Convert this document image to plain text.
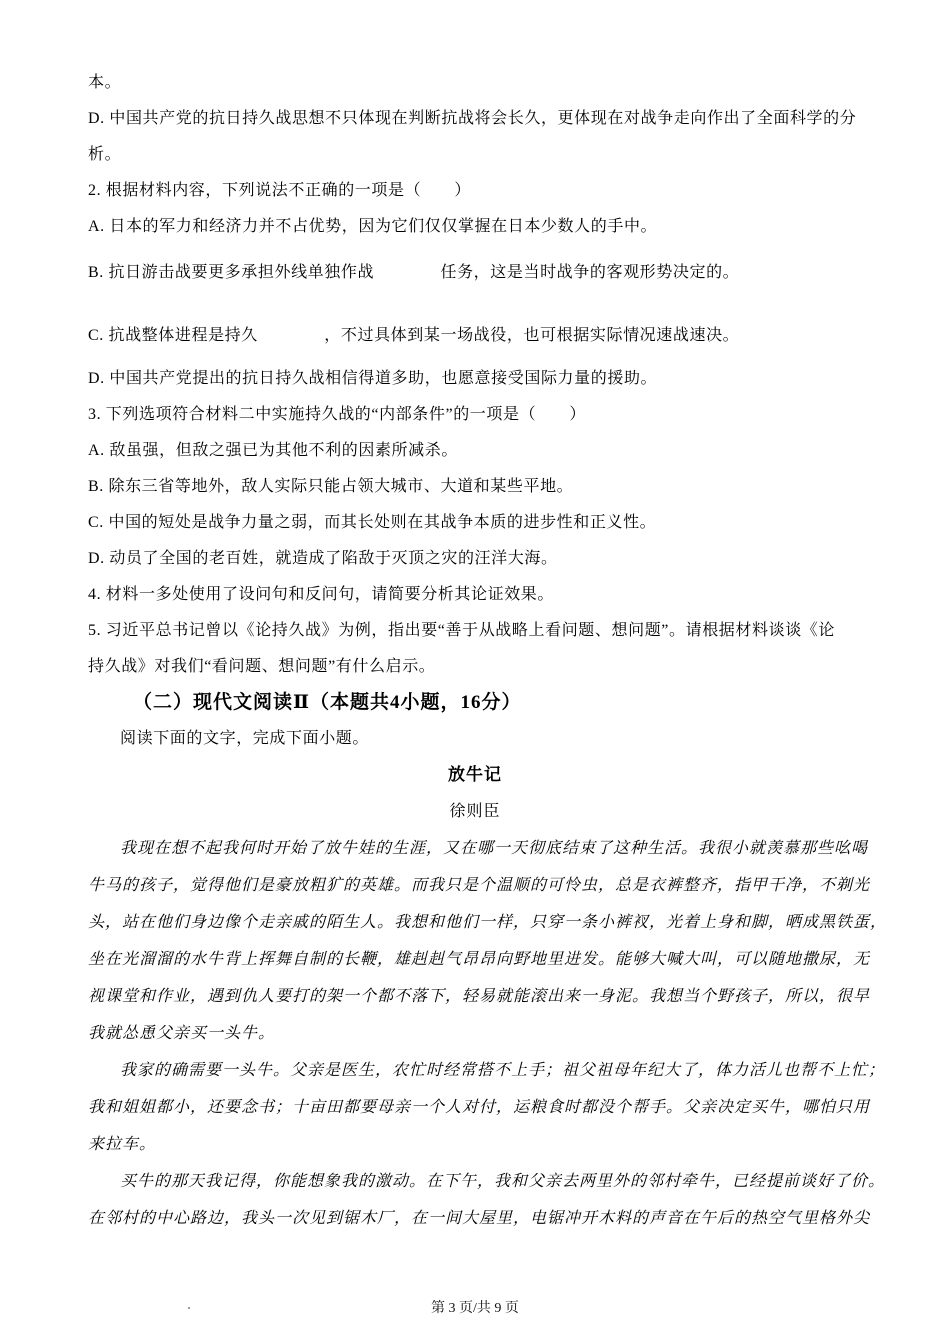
本。
D. 中国共产党的抗日持久战思想不只体现在判断抗战将会长久，更体现在对战争走向作出了全面科学的分
析。
2. 根据材料内容，下列说法不正确的一项是（　　）
A. 日本的军力和经济力并不占优势，因为它们仅仅掌握在日本少数人的手中。
B. 抗日游击战要更多承担外线单独作战　　　　任务，这是当时战争的客观形势决定的。
C. 抗战整体进程是持久　　　　，不过具体到某一场战役，也可根据实际情况速战速决。
D. 中国共产党提出的抗日持久战相信得道多助，也愿意接受国际力量的援助。
3. 下列选项符合材料二中实施持久战的“内部条件”的一项是（　　）
A. 敌虽强，但敌之强已为其他不利的因素所减杀。
B. 除东三省等地外，敌人实际只能占领大城市、大道和某些平地。
C. 中国的短处是战争力量之弱，而其长处则在其战争本质的进步性和正义性。
D. 动员了全国的老百姓，就造成了陷敌于灭顶之灾的汪洋大海。
4. 材料一多处使用了设问句和反问句，请简要分析其论证效果。
5. 习近平总书记曾以《论持久战》为例，指出要“善于从战略上看问题、想问题”。请根据材料谈谈《论
持久战》对我们“看问题、想问题”有什么启示。
（二）现代文阅读Ⅱ（本题共4小题，16分）
阅读下面的文字，完成下面小题。
放牛记
徐则臣
我现在想不起我何时开始了放牛娃的生涯，又在哪一天彻底结束了这种生活。我很小就羡慕那些吆喝
牛马的孩子，觉得他们是豪放粗犷的英雄。而我只是个温顺的可怜虫，总是衣裤整齐，指甲干净，不剃光
头，站在他们身边像个走亲戚的陌生人。我想和他们一样，只穿一条小裤衩，光着上身和脚，晒成黑铁蛋，
坐在光溜溜的水牛背上挥舞自制的长鞭，雄赳赳气昂昂向野地里进发。能够大喊大叫，可以随地撒尿，无
视课堂和作业，遇到仇人要打的架一个都不落下，轻易就能滚出来一身泥。我想当个野孩子，所以，很早
我就怂恿父亲买一头牛。
我家的确需要一头牛。父亲是医生，农忙时经常搭不上手；祖父祖母年纪大了，体力活儿也帮不上忙；
我和姐姐都小，还要念书；十亩田都要母亲一个人对付，运粮食时都没个帮手。父亲决定买牛，哪怕只用
来拉车。
买牛的那天我记得，你能想象我的激动。在下午，我和父亲去两里外的邻村牵牛，已经提前谈好了价。
在邻村的中心路边，我头一次见到锯木厂，在一间大屋里，电锯冲开木料的声音在午后的热空气里格外尖
第 3 页/共 9 页
